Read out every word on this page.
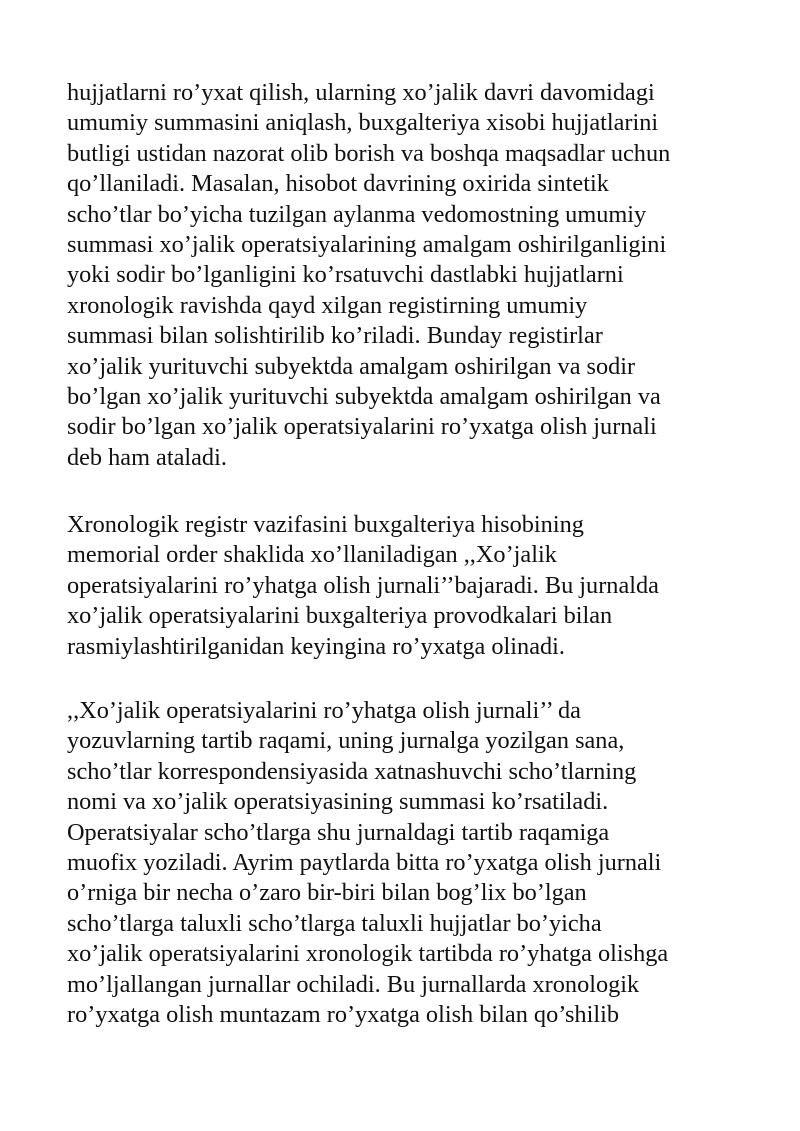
hujjatlarni ro’yxat qilish, ularning xo’jalik davri davomidagi
umumiy summasini aniqlash, buxgalteriya xisobi hujjatlarini
butligi ustidan nazorat olib borish va boshqa maqsadlar uchun
qo’llaniladi. Masalan, hisobot davrining oxirida sintetik
scho’tlar bo’yicha tuzilgan aylanma vedomostning umumiy
summasi xo’jalik operatsiyalarining amalgam oshirilganligini
yoki sodir bo’lganligini ko’rsatuvchi dastlabki hujjatlarni
xronologik ravishda qayd xilgan registirning umumiy
summasi bilan solishtirilib ko’riladi. Bunday registirlar
xo’jalik yurituvchi subyektda amalgam oshirilgan va sodir
bo’lgan xo’jalik yurituvchi subyektda amalgam oshirilgan va
sodir bo’lgan xo’jalik operatsiyalarini ro’yxatga olish jurnali
deb ham ataladi.
Xronologik registr vazifasini buxgalteriya hisobining
memorial order shaklida xo’llaniladigan ,,Xo’jalik
operatsiyalarini ro’yhatga olish jurnali’’bajaradi. Bu jurnalda
xo’jalik operatsiyalarini buxgalteriya provodkalari bilan
rasmiylashtirilganidan keyingina ro’yxatga olinadi.
,,Xo’jalik operatsiyalarini ro’yhatga olish jurnali’’ da
yozuvlarning tartib raqami, uning jurnalga yozilgan sana,
scho’tlar korrespondensiyasida xatnashuvchi scho’tlarning
nomi va xo’jalik operatsiyasining summasi ko’rsatiladi.
Operatsiyalar scho’tlarga shu jurnaldagi tartib raqamiga
muofix yoziladi. Ayrim paytlarda bitta ro’yxatga olish jurnali
o’rniga bir necha o’zaro bir-biri bilan bog’lix bo’lgan
scho’tlarga taluxli scho’tlarga taluxli hujjatlar bo’yicha
xo’jalik operatsiyalarini xronologik tartibda ro’yhatga olishga
mo’ljallangan jurnallar ochiladi. Bu jurnallarda xronologik
ro’yxatga olish muntazam ro’yxatga olish bilan qo’shilib
